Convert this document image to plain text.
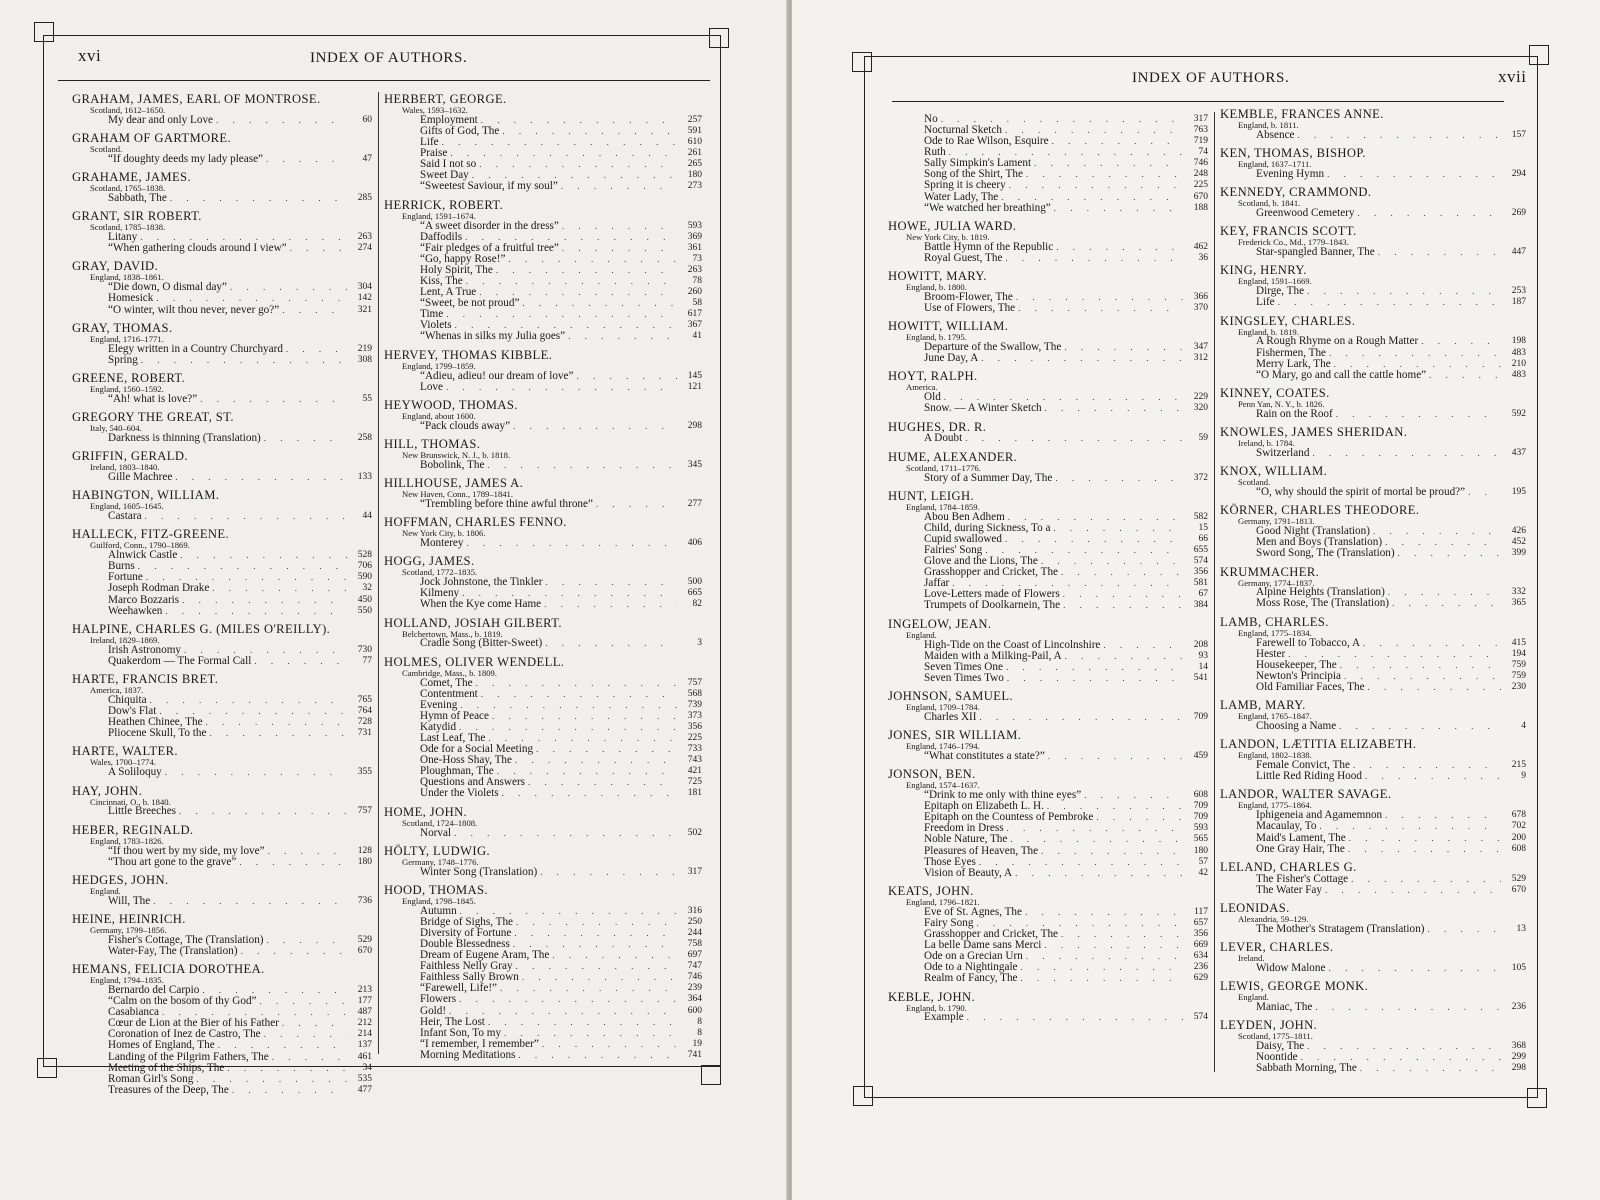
xvi	INDEX OF AUTHORS.
GRAHAM, JAMES, EARL OF MONTROSE.
Scotland, 1612–1650.
My dear and only Love . . .	60
GRAHAM OF GARTMORE.
Scotland.
“If doughty deeds my lady please” . . .	47
GRAHAME, JAMES.
Scotland, 1765–1838.
Sabbath, The . . .	285
GRANT, SIR ROBERT.
Scotland, 1785–1838.
Litany . . .	263
“When gathering clouds around I view” . . .	274
GRAY, DAVID.
England, 1838–1861.
“Die down, O dismal day” . . .	304
Homesick . . .	142
“O winter, wilt thou never, never go?” . . .	321
GRAY, THOMAS.
England, 1716–1771.
Elegy written in a Country Churchyard . . .	219
Spring . . .	308
GREENE, ROBERT.
England, 1560–1592.
“Ah! what is love?” . . .	55
GREGORY THE GREAT, ST.
Italy, 540–604.
Darkness is thinning (Translation) . . .	258
GRIFFIN, GERALD.
Ireland, 1803–1840.
Gille Machree . . .	133
HABINGTON, WILLIAM.
England, 1605–1645.
Castara . . .	44
HALLECK, FITZ-GREENE.
Guilford, Conn., 1790–1869.
Alnwick Castle . . .	528
Burns . . .	706
Fortune . . .	590
Joseph Rodman Drake . . .	32
Marco Bozzaris . . .	450
Weehawken . . .	550
HALPINE, CHARLES G. (MILES O'REILLY).
Ireland, 1829–1869.
Irish Astronomy . . .	730
Quakerdom — The Formal Call . . .	77
HARTE, FRANCIS BRET.
America, 1837.
Chiquita . . .	765
Dow's Flat . . .	764
Heathen Chinee, The . . .	728
Pliocene Skull, To the . . .	731
HARTE, WALTER.
Wales, 1700–1774.
A Soliloquy . . .	355
HAY, JOHN.
Cincinnati, O., b. 1840.
Little Breeches . . .	757
HEBER, REGINALD.
England, 1783–1826.
“If thou wert by my side, my love” . . .	128
“Thou art gone to the grave” . . .	180
HEDGES, JOHN.
England.
Will, The . . .	736
HEINE, HEINRICH.
Germany, 1799–1856.
Fisher's Cottage, The (Translation) . . .	529
Water-Fay, The (Translation) . . .	670
HEMANS, FELICIA DOROTHEA.
England, 1794–1835.
Bernardo del Carpio . . .	213
“Calm on the bosom of thy God” . . .	177
Casabianca . . .	487
Cœur de Lion at the Bier of his Father . . .	212
Coronation of Inez de Castro, The . . .	214
Homes of England, The . . .	137
Landing of the Pilgrim Fathers, The . . .	461
Meeting of the Ships, The . . .	34
Roman Girl's Song . . .	535
Treasures of the Deep, The . . .	477
HERBERT, GEORGE.
Wales, 1593–1632.
Employment . . .	257
Gifts of God, The . . .	591
Life . . .	610
Praise . . .	261
Said I not so . . .	265
Sweet Day . . .	180
“Sweetest Saviour, if my soul” . . .	273
HERRICK, ROBERT.
England, 1591–1674.
“A sweet disorder in the dress” . . .	593
Daffodils . . .	369
“Fair pledges of a fruitful tree” . . .	361
“Go, happy Rose!” . . .	73
Holy Spirit, The . . .	263
Kiss, The . . .	78
Lent, A True . . .	260
“Sweet, be not proud” . . .	58
Time . . .	617
Violets . . .	367
“Whenas in silks my Julia goes” . . .	41
HERVEY, THOMAS KIBBLE.
England, 1799–1859.
“Adieu, adieu! our dream of love” . . .	145
Love . . .	121
HEYWOOD, THOMAS.
England, about 1600.
“Pack clouds away” . . .	298
HILL, THOMAS.
New Brunswick, N. J., b. 1818.
Bobolink, The . . .	345
HILLHOUSE, JAMES A.
New Haven, Conn., 1789–1841.
“Trembling before thine awful throne” . . .	277
HOFFMAN, CHARLES FENNO.
New York City, b. 1806.
Monterey . . .	406
HOGG, JAMES.
Scotland, 1772–1835.
Jock Johnstone, the Tinkler . . .	500
Kilmeny . . .	665
When the Kye come Hame . . .	82
HOLLAND, JOSIAH GILBERT.
Belchertown, Mass., b. 1819.
Cradle Song (Bitter-Sweet) . . .	3
HOLMES, OLIVER WENDELL.
Cambridge, Mass., b. 1809.
Comet, The . . .	757
Contentment . . .	568
Evening . . .	739
Hymn of Peace . . .	373
Katydid . . .	356
Last Leaf, The . . .	225
Ode for a Social Meeting . . .	733
One-Hoss Shay, The . . .	743
Ploughman, The . . .	421
Questions and Answers . . .	725
Under the Violets . . .	181
HOME, JOHN.
Scotland, 1724–1808.
Norval . . .	502
HÖLTY, LUDWIG.
Germany, 1748–1776.
Winter Song (Translation) . . .	317
HOOD, THOMAS.
England, 1798–1845.
Autumn . . .	316
Bridge of Sighs, The . . .	250
Diversity of Fortune . . .	244
Double Blessedness . . .	758
Dream of Eugene Aram, The . . .	697
Faithless Nelly Gray . . .	747
Faithless Sally Brown . . .	746
“Farewell, Life!” . . .	239
Flowers . . .	364
Gold! . . .	600
Heir, The Lost . . .	8
Infant Son, To my . . .	8
“I remember, I remember” . . .	19
Morning Meditations . . .	741
INDEX OF AUTHORS.	xvii
No . . .	317
Nocturnal Sketch . . .	763
Ode to Rae Wilson, Esquire . . .	719
Ruth . . .	74
Sally Simpkin's Lament . . .	746
Song of the Shirt, The . . .	248
Spring it is cheery . . .	225
Water Lady, The . . .	670
“We watched her breathing” . . .	188
HOWE, JULIA WARD.
New York City, b. 1819.
Battle Hymn of the Republic . . .	462
Royal Guest, The . . .	36
HOWITT, MARY.
England, b. 1800.
Broom-Flower, The . . .	366
Use of Flowers, The . . .	370
HOWITT, WILLIAM.
England, b. 1795.
Departure of the Swallow, The . . .	347
June Day, A . . .	312
HOYT, RALPH.
America.
Old . . .	229
Snow. — A Winter Sketch . . .	320
HUGHES, DR. R.
A Doubt . . .	59
HUME, ALEXANDER.
Scotland, 1711–1776.
Story of a Summer Day, The . . .	372
HUNT, LEIGH.
England, 1784–1859.
Abou Ben Adhem . . .	582
Child, during Sickness, To a . . .	15
Cupid swallowed . . .	66
Fairies' Song . . .	655
Glove and the Lions, The . . .	574
Grasshopper and Cricket, The . . .	356
Jaffar . . .	581
Love-Letters made of Flowers . . .	67
Trumpets of Doolkarnein, The . . .	384
INGELOW, JEAN.
England.
High-Tide on the Coast of Lincolnshire . . .	208
Maiden with a Milking-Pail, A . . .	93
Seven Times One . . .	14
Seven Times Two . . .	541
JOHNSON, SAMUEL.
England, 1709–1784.
Charles XII . . .	709
JONES, SIR WILLIAM.
England, 1746–1794.
“What constitutes a state?” . . .	459
JONSON, BEN.
England, 1574–1637.
“Drink to me only with thine eyes” . . .	608
Epitaph on Elizabeth L. H. . . .	709
Epitaph on the Countess of Pembroke . . .	709
Freedom in Dress . . .	593
Noble Nature, The . . .	565
Pleasures of Heaven, The . . .	180
Those Eyes . . .	57
Vision of Beauty, A . . .	42
KEATS, JOHN.
England, 1796–1821.
Eve of St. Agnes, The . . .	117
Fairy Song . . .	657
Grasshopper and Cricket, The . . .	356
La belle Dame sans Merci . . .	669
Ode on a Grecian Urn . . .	634
Ode to a Nightingale . . .	236
Realm of Fancy, The . . .	629
KEBLE, JOHN.
England, b. 1790.
Example . . .	574
KEMBLE, FRANCES ANNE.
England, b. 1811.
Absence . . .	157
KEN, THOMAS, BISHOP.
England, 1637–1711.
Evening Hymn . . .	294
KENNEDY, CRAMMOND.
Scotland, b. 1841.
Greenwood Cemetery . . .	269
KEY, FRANCIS SCOTT.
Frederick Co., Md., 1779–1843.
Star-spangled Banner, The . . .	447
KING, HENRY.
England, 1591–1669.
Dirge, The . . .	253
Life . . .	187
KINGSLEY, CHARLES.
England, b. 1819.
A Rough Rhyme on a Rough Matter . . .	198
Fishermen, The . . .	483
Merry Lark, The . . .	210
“O Mary, go and call the cattle home” . . .	483
KINNEY, COATES.
Penn Yan, N. Y., b. 1826.
Rain on the Roof . . .	592
KNOWLES, JAMES SHERIDAN.
Ireland, b. 1784.
Switzerland . . .	437
KNOX, WILLIAM.
Scotland.
“O, why should the spirit of mortal be proud?” . . .	195
KÖRNER, CHARLES THEODORE.
Germany, 1791–1813.
Good Night (Translation) . . .	426
Men and Boys (Translation) . . .	452
Sword Song, The (Translation) . . .	399
KRUMMACHER.
Germany, 1774–1837.
Alpine Heights (Translation) . . .	332
Moss Rose, The (Translation) . . .	365
LAMB, CHARLES.
England, 1775–1834.
Farewell to Tobacco, A . . .	415
Hester . . .	194
Housekeeper, The . . .	759
Newton's Principia . . .	759
Old Familiar Faces, The . . .	230
LAMB, MARY.
England, 1765–1847.
Choosing a Name . . .	4
LANDON, LÆTITIA ELIZABETH.
England, 1802–1838.
Female Convict, The . . .	215
Little Red Riding Hood . . .	9
LANDOR, WALTER SAVAGE.
England, 1775–1864.
Iphigeneia and Agamemnon . . .	678
Macaulay, To . . .	702
Maid's Lament, The . . .	200
One Gray Hair, The . . .	608
LELAND, CHARLES G.
The Fisher's Cottage . . .	529
The Water Fay . . .	670
LEONIDAS.
Alexandria, 59–129.
The Mother's Stratagem (Translation) . . .	13
LEVER, CHARLES.
Ireland.
Widow Malone . . .	105
LEWIS, GEORGE MONK.
England.
Maniac, The . . .	236
LEYDEN, JOHN.
Scotland, 1775–1811.
Daisy, The . . .	368
Noontide . . .	299
Sabbath Morning, The . . .	298
